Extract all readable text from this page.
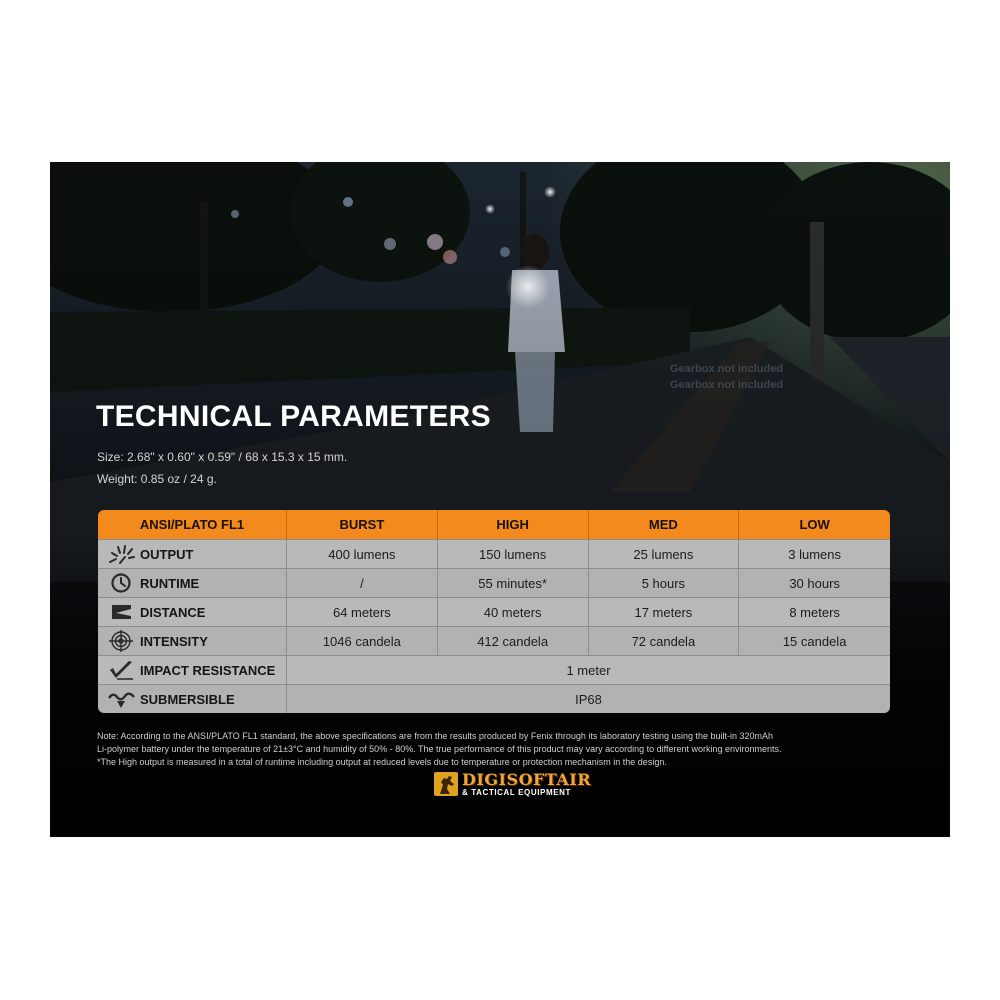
Gearbox not included
Gearbox not included
TECHNICAL PARAMETERS
Size: 2.68" x 0.60" x 0.59" / 68 x 15.3 x 15 mm.
Weight: 0.85 oz / 24 g.
ANSI/PLATO FL1	BURST	HIGH	MED	LOW

OUTPUT	400 lumens	150 lumens	25 lumens	3 lumens

RUNTIME	/	55 minutes*	5 hours	30 hours

DISTANCE	64 meters	40 meters	17 meters	8 meters

INTENSITY	1046 candela	412 candela	72 candela	15 candela

IMPACT RESISTANCE	1 meter			

SUBMERSIBLE	IP68			

Note: According to the ANSI/PLATO FL1 standard, the above specifications are from the results produced by Fenix through its laboratory testing using the built-in 320mAh

Li-polymer battery under the temperature of 21±3°C and humidity of 50% - 80%. The true performance of this product may vary according to different working environments.

*The High output is measured in a total of runtime including output at reduced levels due to temperature or protection mechanism in the design.

DIGISOFTAIR
& TACTICAL EQUIPMENT
